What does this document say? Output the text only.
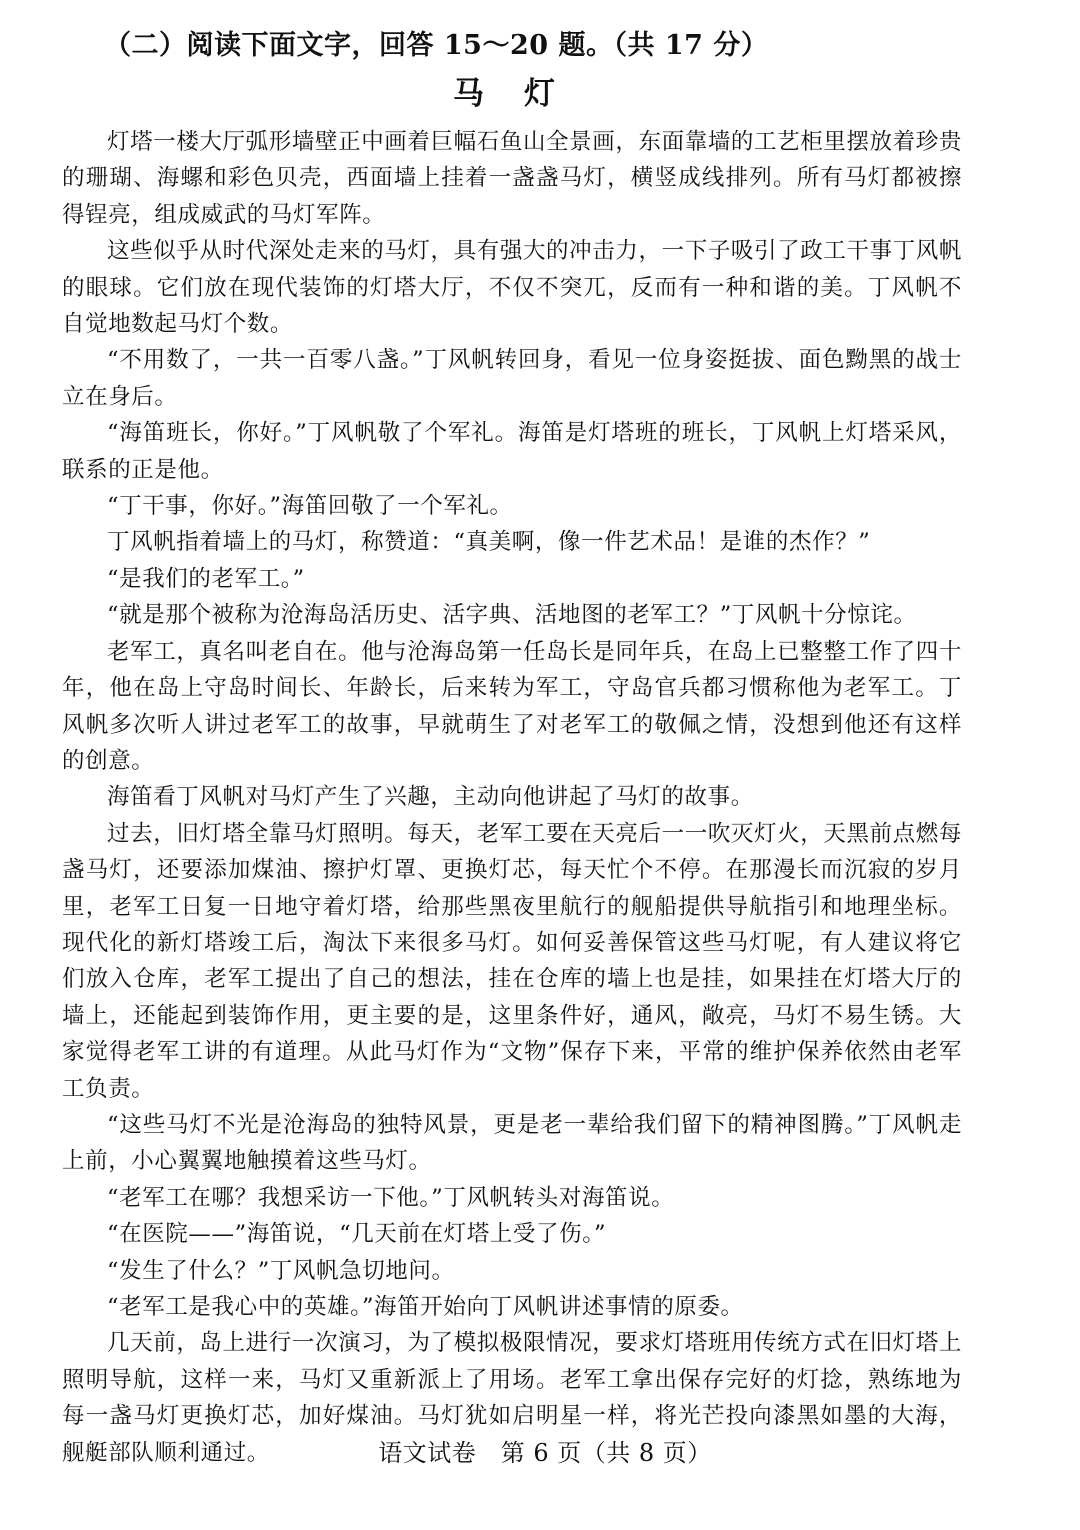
（二）阅读下面文字，回答 15～20 题。（共 17 分）
马灯

灯塔一楼大厅弧形墙壁正中画着巨幅石鱼山全景画，东面靠墙的工艺柜里摆放着珍贵的珊瑚、海螺和彩色贝壳，西面墙上挂着一盏盏马灯，横竖成线排列。所有马灯都被擦得锃亮，组成威武的马灯军阵。

这些似乎从时代深处走来的马灯，具有强大的冲击力，一下子吸引了政工干事丁风帆的眼球。它们放在现代装饰的灯塔大厅，不仅不突兀，反而有一种和谐的美。丁风帆不自觉地数起马灯个数。

“不用数了，一共一百零八盏。”丁风帆转回身，看见一位身姿挺拔、面色黝黑的战士立在身后。

“海笛班长，你好。”丁风帆敬了个军礼。海笛是灯塔班的班长，丁风帆上灯塔采风，联系的正是他。

“丁干事，你好。”海笛回敬了一个军礼。

丁风帆指着墙上的马灯，称赞道：“真美啊，像一件艺术品！是谁的杰作？”

“是我们的老军工。”

“就是那个被称为沧海岛活历史、活字典、活地图的老军工？”丁风帆十分惊诧。

老军工，真名叫老自在。他与沧海岛第一任岛长是同年兵，在岛上已整整工作了四十年，他在岛上守岛时间长、年龄长，后来转为军工，守岛官兵都习惯称他为老军工。丁风帆多次听人讲过老军工的故事，早就萌生了对老军工的敬佩之情，没想到他还有这样的创意。

海笛看丁风帆对马灯产生了兴趣，主动向他讲起了马灯的故事。

过去，旧灯塔全靠马灯照明。每天，老军工要在天亮后一一吹灭灯火，天黑前点燃每盏马灯，还要添加煤油、擦护灯罩、更换灯芯，每天忙个不停。在那漫长而沉寂的岁月里，老军工日复一日地守着灯塔，给那些黑夜里航行的舰船提供导航指引和地理坐标。现代化的新灯塔竣工后，淘汰下来很多马灯。如何妥善保管这些马灯呢，有人建议将它们放入仓库，老军工提出了自己的想法，挂在仓库的墙上也是挂，如果挂在灯塔大厅的墙上，还能起到装饰作用，更主要的是，这里条件好，通风，敞亮，马灯不易生锈。大家觉得老军工讲的有道理。从此马灯作为“文物”保存下来，平常的维护保养依然由老军工负责。

“这些马灯不光是沧海岛的独特风景，更是老一辈给我们留下的精神图腾。”丁风帆走上前，小心翼翼地触摸着这些马灯。

“老军工在哪？我想采访一下他。”丁风帆转头对海笛说。

“在医院——”海笛说，“几天前在灯塔上受了伤。”

“发生了什么？”丁风帆急切地问。

“老军工是我心中的英雄。”海笛开始向丁风帆讲述事情的原委。

几天前，岛上进行一次演习，为了模拟极限情况，要求灯塔班用传统方式在旧灯塔上照明导航，这样一来，马灯又重新派上了用场。老军工拿出保存完好的灯捻，熟练地为每一盏马灯更换灯芯，加好煤油。马灯犹如启明星一样，将光芒投向漆黑如墨的大海，舰艇部队顺利通过。	语文试卷　第 6 页（共 8 页）
